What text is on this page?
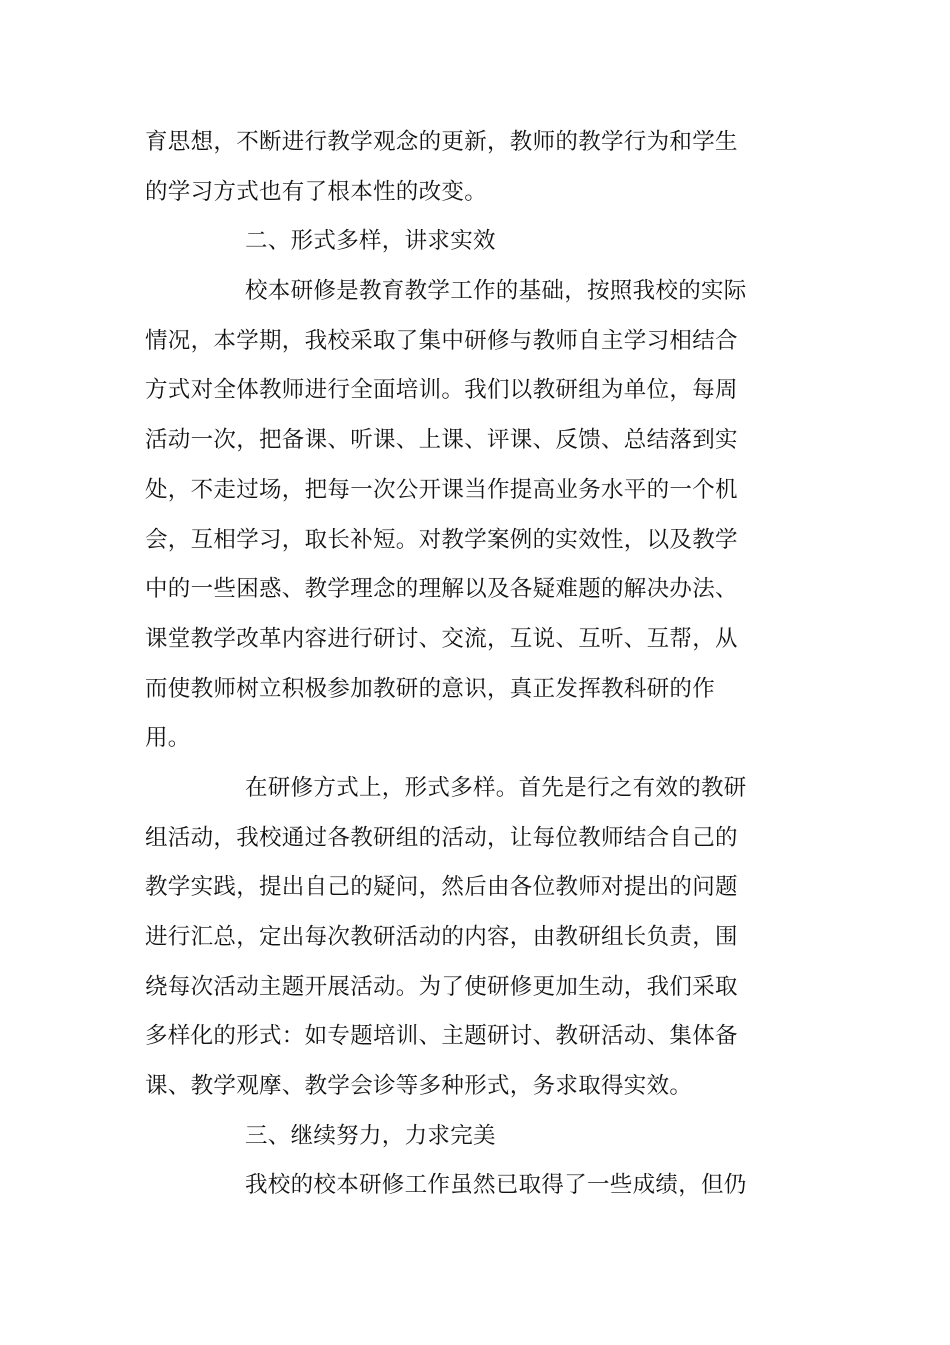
育思想，不断进行教学观念的更新，教师的教学行为和学生
的学习方式也有了根本性的改变。
二、形式多样，讲求实效
校本研修是教育教学工作的基础，按照我校的实际
情况，本学期，我校采取了集中研修与教师自主学习相结合
方式对全体教师进行全面培训。我们以教研组为单位，每周
活动一次，把备课、听课、上课、评课、反馈、总结落到实
处，不走过场，把每一次公开课当作提高业务水平的一个机
会，互相学习，取长补短。对教学案例的实效性，以及教学
中的一些困惑、教学理念的理解以及各疑难题的解决办法、
课堂教学改革内容进行研讨、交流，互说、互听、互帮，从
而使教师树立积极参加教研的意识，真正发挥教科研的作
用。
在研修方式上，形式多样。首先是行之有效的教研
组活动，我校通过各教研组的活动，让每位教师结合自己的
教学实践，提出自己的疑问，然后由各位教师对提出的问题
进行汇总，定出每次教研活动的内容，由教研组长负责，围
绕每次活动主题开展活动。为了使研修更加生动，我们采取
多样化的形式：如专题培训、主题研讨、教研活动、集体备
课、教学观摩、教学会诊等多种形式，务求取得实效。
三、继续努力，力求完美
我校的校本研修工作虽然已取得了一些成绩，但仍
